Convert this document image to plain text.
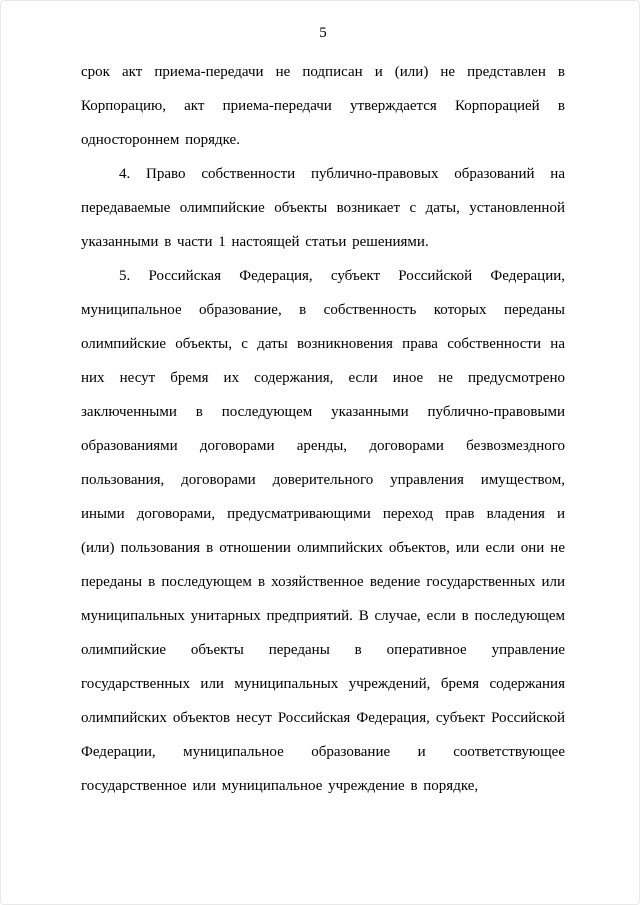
5

срок акт приема-передачи не подписан и (или) не представлен в Корпорацию, акт приема-передачи утверждается Корпорацией в одностороннем порядке.

4. Право собственности публично-правовых образований на передаваемые олимпийские объекты возникает с даты, установленной указанными в части 1 настоящей статьи решениями.

5. Российская Федерация, субъект Российской Федерации, муниципальное образование, в собственность которых переданы олимпийские объекты, с даты возникновения права собственности на них несут бремя их содержания, если иное не предусмотрено заключенными в последующем указанными публично-правовыми образованиями договорами аренды, договорами безвозмездного пользования, договорами доверительного управления имуществом, иными договорами, предусматривающими переход прав владения и (или) пользования в отношении олимпийских объектов, или если они не переданы в последующем в хозяйственное ведение государственных или муниципальных унитарных предприятий. В случае, если в последующем олимпийские объекты переданы в оперативное управление государственных или муниципальных учреждений, бремя содержания олимпийских объектов несут Российская Федерация, субъект Российской Федерации, муниципальное образование и соответствующее государственное или муниципальное учреждение в порядке,
